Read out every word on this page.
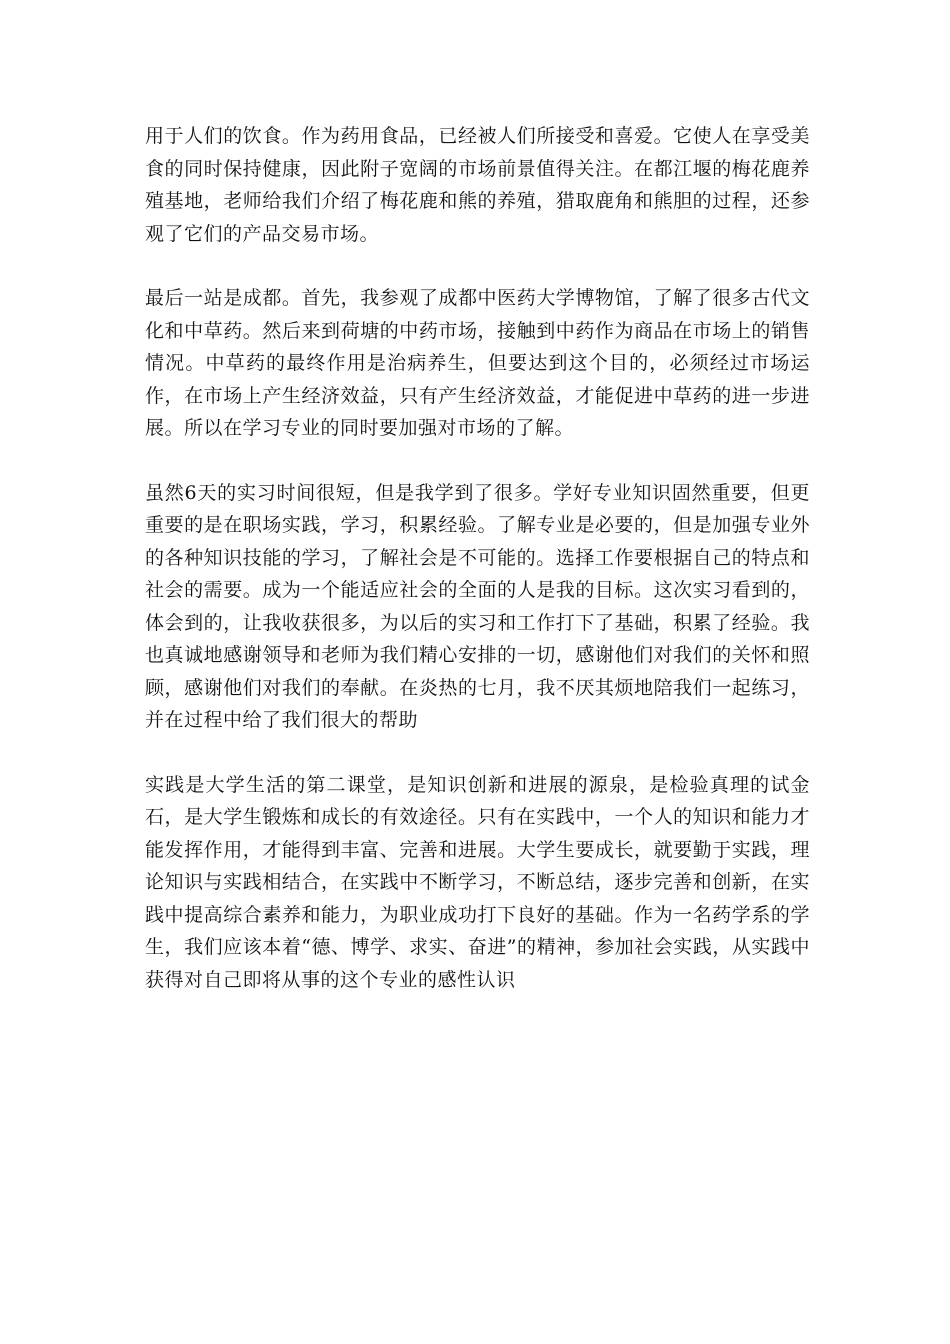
用于人们的饮食。作为药用食品，已经被人们所接受和喜爱。它使人在享受美食的同时保持健康，因此附子宽阔的市场前景值得关注。在都江堰的梅花鹿养殖基地，老师给我们介绍了梅花鹿和熊的养殖，猎取鹿角和熊胆的过程，还参观了它们的产品交易市场。

最后一站是成都。首先，我参观了成都中医药大学博物馆，了解了很多古代文化和中草药。然后来到荷塘的中药市场，接触到中药作为商品在市场上的销售情况。中草药的最终作用是治病养生，但要达到这个目的，必须经过市场运作，在市场上产生经济效益，只有产生经济效益，才能促进中草药的进一步进展。所以在学习专业的同时要加强对市场的了解。

虽然6天的实习时间很短，但是我学到了很多。学好专业知识固然重要，但更重要的是在职场实践，学习，积累经验。了解专业是必要的，但是加强专业外的各种知识技能的学习，了解社会是不可能的。选择工作要根据自己的特点和社会的需要。成为一个能适应社会的全面的人是我的目标。这次实习看到的，体会到的，让我收获很多，为以后的实习和工作打下了基础，积累了经验。我也真诚地感谢领导和老师为我们精心安排的一切，感谢他们对我们的关怀和照顾，感谢他们对我们的奉献。在炎热的七月，我不厌其烦地陪我们一起练习，并在过程中给了我们很大的帮助

实践是大学生活的第二课堂，是知识创新和进展的源泉，是检验真理的试金石，是大学生锻炼和成长的有效途径。只有在实践中，一个人的知识和能力才能发挥作用，才能得到丰富、完善和进展。大学生要成长，就要勤于实践，理论知识与实践相结合，在实践中不断学习，不断总结，逐步完善和创新，在实践中提高综合素养和能力，为职业成功打下良好的基础。作为一名药学系的学生，我们应该本着“德、博学、求实、奋进”的精神，参加社会实践，从实践中获得对自己即将从事的这个专业的感性认识
